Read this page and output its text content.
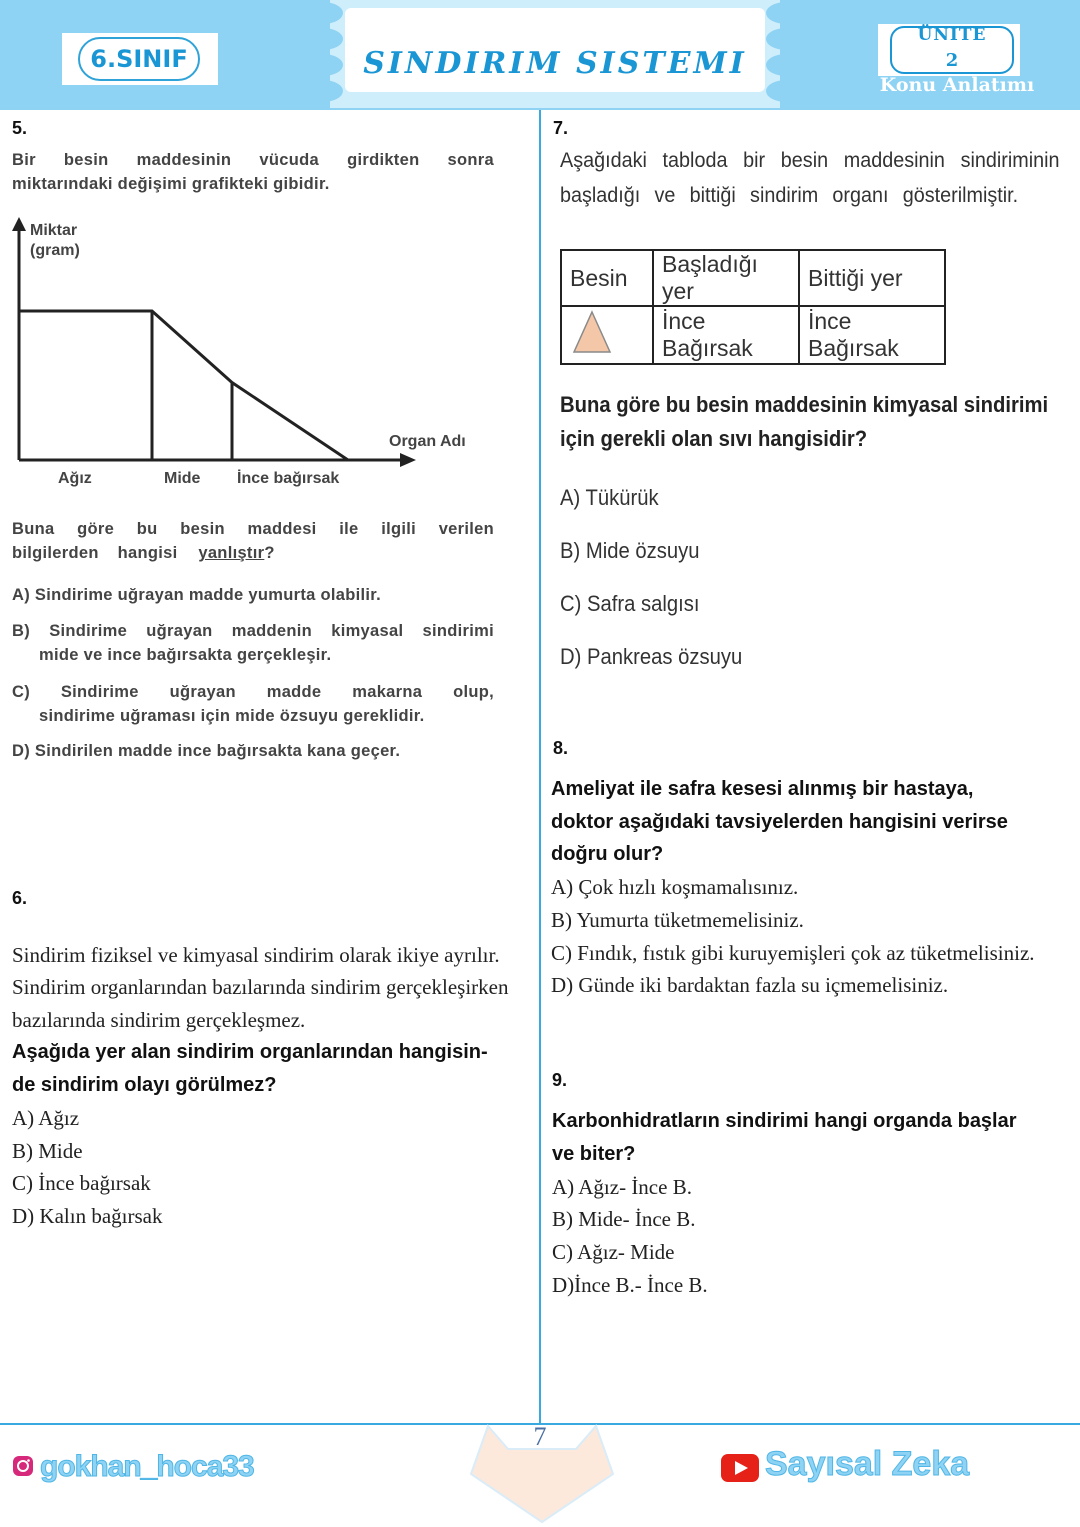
6.SINIF	SINDIRIM SISTEMI
ÜNITE
2
Konu Anlatımı
5.
Bir besin maddesinin vücuda girdikten sonra
miktarındaki değişimi grafikteki gibidir.
Miktar
(gram)
Organ Adı
Ağız	Mide İnce bağırsak
Buna göre bu besin maddesi ile ilgili verilen
bilgilerden hangisi yanlıştır?
A) Sindirime uğrayan madde yumurta olabilir.
B) Sindirime uğrayan maddenin kimyasal sindirimi
mide ve ince bağırsakta gerçekleşir.
C) Sindirime uğrayan madde makarna olup,
sindirime uğraması için mide özsuyu gereklidir.
D) Sindirilen madde ince bağırsakta kana geçer.
6.
Sindirim fiziksel ve kimyasal sindirim olarak ikiye ayrılır.
Sindirim organlarından bazılarında sindirim gerçekleşirken
bazılarında sindirim gerçekleşmez.
Aşağıda yer alan sindirim organlarından hangisin-
de sindirim olayı görülmez?
A) Ağız
B) Mide
C) İnce bağırsak
D) Kalın bağırsak
7.
Aşağıdaki tabloda bir besin maddesinin sindiriminin
başladığı ve bittiği sindirim organı gösterilmiştir.
Besin	Başladığı yer	Bittiği yer
	İnce Bağırsak	İnce Bağırsak
Buna göre bu besin maddesinin kimyasal sindirimi
için gerekli olan sıvı hangisidir?
A) Tükürük
B) Mide özsuyu
C) Safra salgısı
D) Pankreas özsuyu
8.
Ameliyat ile safra kesesi alınmış bir hastaya,
doktor aşağıdaki tavsiyelerden hangisini verirse
doğru olur?
A) Çok hızlı koşmamalısınız.
B) Yumurta tüketmemelisiniz.
C) Fındık, fıstık gibi kuruyemişleri çok az tüketmelisiniz.
D) Günde iki bardaktan fazla su içmemelisiniz.
9.
Karbonhidratların sindirimi hangi organda başlar
ve biter?
A) Ağız- İnce B.
B) Mide- İnce B.
C) Ağız- Mide
D)İnce B.- İnce B.
7
gokhan_hoca33	Sayısal Zeka
